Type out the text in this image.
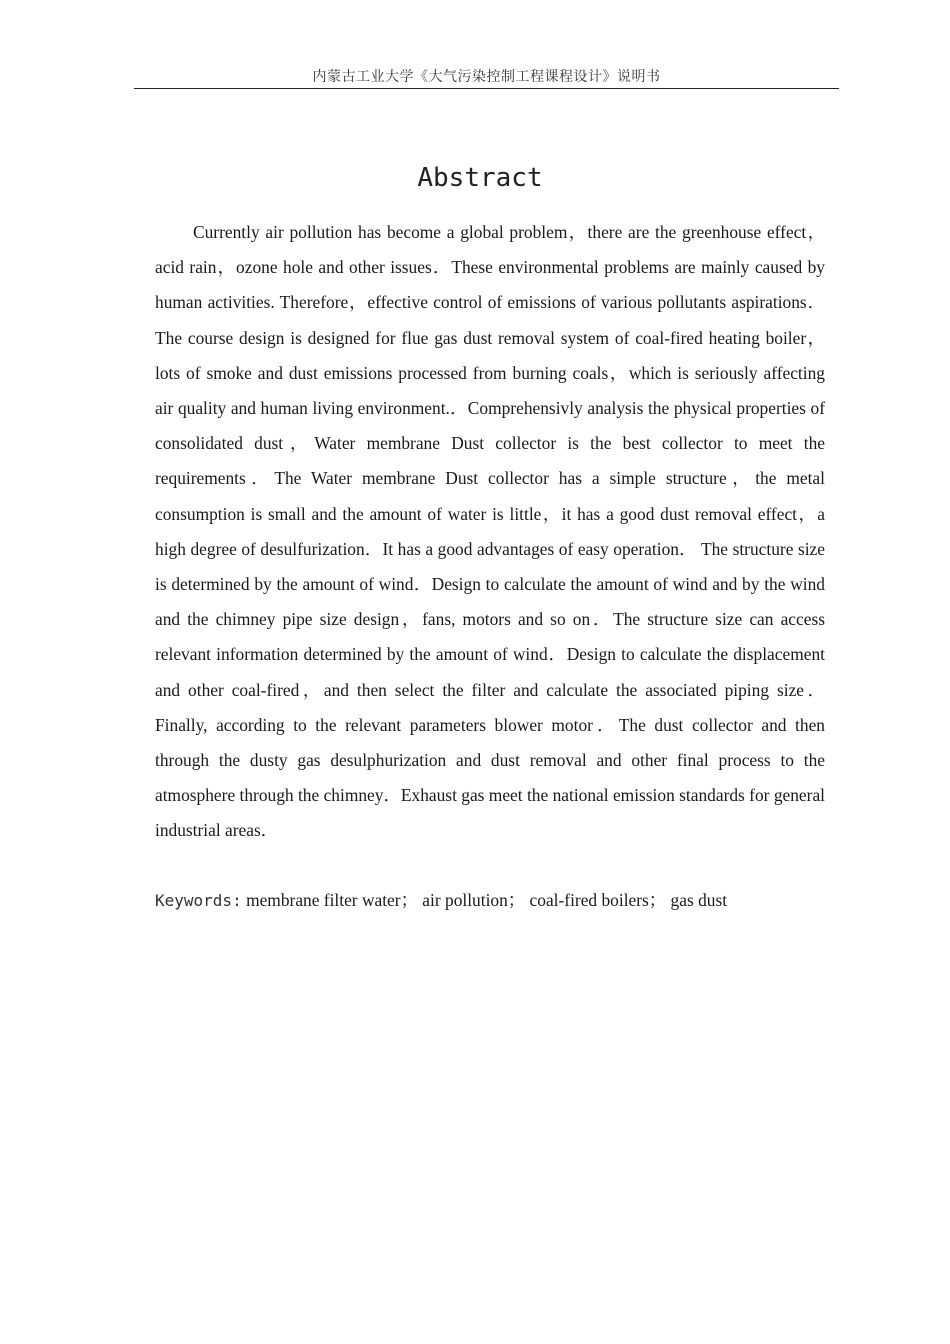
内蒙古工业大学《大气污染控制工程课程设计》说明书
Abstract

Currently air pollution has become a global problem，there are the greenhouse effect，acid rain，ozone hole and other issues．These environmental problems are mainly caused by human activities. Therefore，effective control of emissions of various pollutants aspirations．The course design is designed for flue gas dust removal system of coal-fired heating boiler，lots of smoke and dust emissions processed from burning coals，which is seriously affecting air quality and human living environment.．Comprehensivly analysis the physical properties of consolidated dust，Water membrane Dust collector is the best collector to meet the requirements．The Water membrane Dust collector has a simple structure，the metal consumption is small and the amount of water is little，it has a good dust removal effect，a high degree of desulfurization．It has a good advantages of easy operation． The structure size is determined by the amount of wind．Design to calculate the amount of wind and by the wind and the chimney pipe size design，fans, motors and so on．The structure size can access relevant information determined by the amount of wind．Design to calculate the displacement and other coal-fired，and then select the filter and calculate the associated piping size． Finally, according to the relevant parameters blower motor．The dust collector and then through the dusty gas desulphurization and dust removal and other final process to the atmosphere through the chimney．Exhaust gas meet the national emission standards for general industrial areas．

Keywords: membrane filter water； air pollution； coal-fired boilers； gas dust
